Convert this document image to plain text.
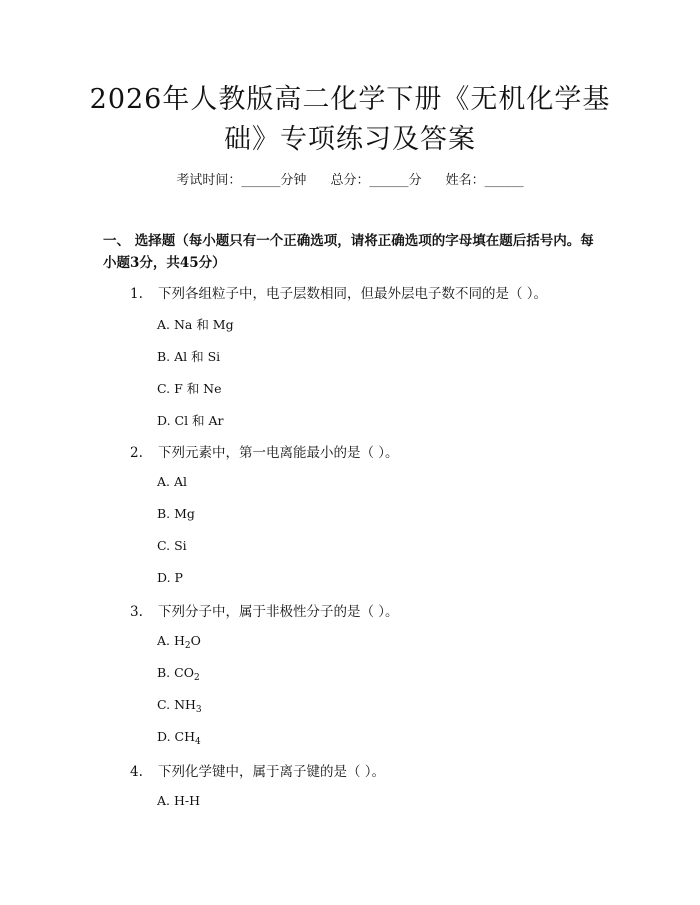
2026年人教版高二化学下册《无机化学基
础》专项练习及答案
考试时间：______分钟 总分：______分 姓名：______
一、 选择题（每小题只有一个正确选项，请将正确选项的字母填在题后括号内。每小题3分，共45分）
1. 下列各组粒子中，电子层数相同，但最外层电子数不同的是（ ）。
A. Na 和 Mg
B. Al 和 Si
C. F 和 Ne
D. Cl 和 Ar
2. 下列元素中，第一电离能最小的是（ ）。
A. Al
B. Mg
C. Si
D. P
3. 下列分子中，属于非极性分子的是（ ）。
A. $H_2O$
B. $CO_2$
C. $NH_3$
D. $CH_4$
4. 下列化学键中，属于离子键的是（ ）。
A. H-H
